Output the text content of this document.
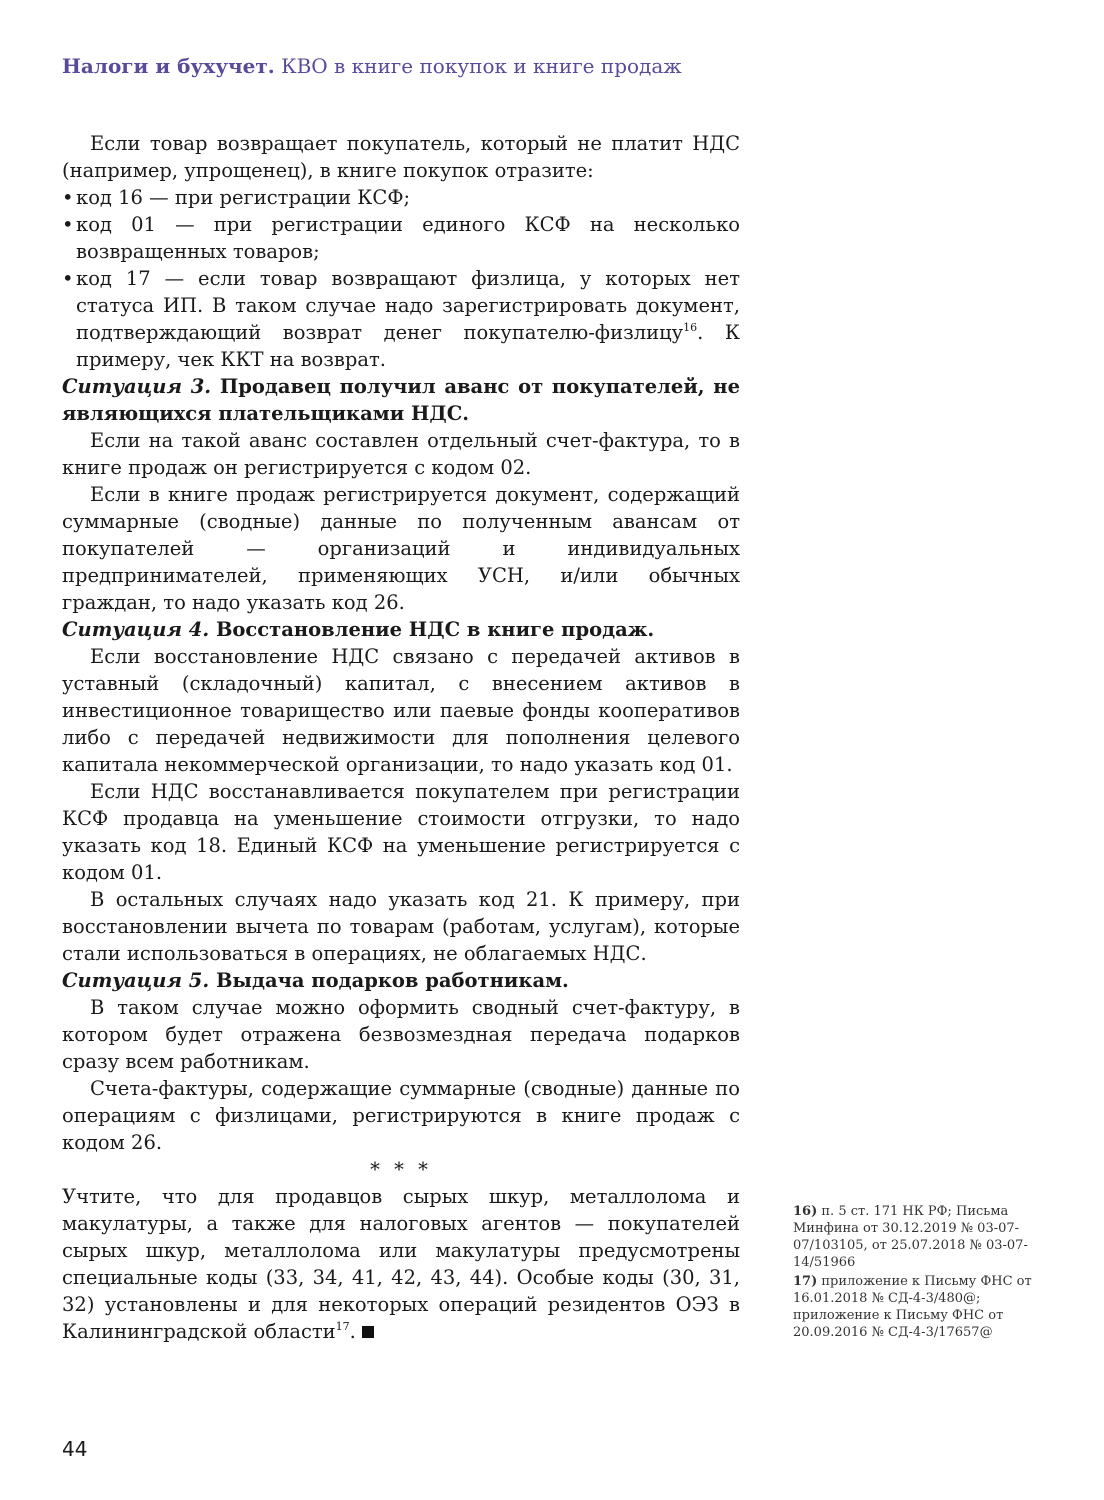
Налоги и бухучет. КВО в книге покупок и книге продаж

Если товар возвращает покупатель, который не платит НДС (например, упрощенец), в книге покупок отразите:

• код 16 — при регистрации КСФ;
• код 01 — при регистрации единого КСФ на несколько возвращенных товаров;
• код 17 — если товар возвращают физлица, у которых нет статуса ИП. В таком случае надо зарегистрировать документ, подтверждающий возврат денег покупателю-физлицу$^{16}$. К примеру, чек ККТ на возврат.

Ситуация 3. Продавец получил аванс от покупателей, не являющихся плательщиками НДС.

Если на такой аванс составлен отдельный счет-фактура, то в книге продаж он регистрируется с кодом 02.

Если в книге продаж регистрируется документ, содержащий суммарные (сводные) данные по полученным авансам от покупателей — организаций и индивидуальных предпринимателей, применяющих УСН, и/или обычных граждан, то надо указать код 26.

Ситуация 4. Восстановление НДС в книге продаж.

Если восстановление НДС связано с передачей активов в уставный (складочный) капитал, с внесением активов в инвестиционное товарищество или паевые фонды кооперативов либо с передачей недвижимости для пополнения целевого капитала некоммерческой организации, то надо указать код 01.

Если НДС восстанавливается покупателем при регистрации КСФ продавца на уменьшение стоимости отгрузки, то надо указать код 18. Единый КСФ на уменьшение регистрируется с кодом 01.

В остальных случаях надо указать код 21. К примеру, при восстановлении вычета по товарам (работам, услугам), которые стали использоваться в операциях, не облагаемых НДС.

Ситуация 5. Выдача подарков работникам.

В таком случае можно оформить сводный счет-фактуру, в котором будет отражена безвозмездная передача подарков сразу всем работникам.

Счета-фактуры, содержащие суммарные (сводные) данные по операциям с физлицами, регистрируются в книге продаж с кодом 26.

* * *

Учтите, что для продавцов сырых шкур, металлолома и макулатуры, а также для налоговых агентов — покупателей сырых шкур, металлолома или макулатуры предусмотрены специальные коды (33, 34, 41, 42, 43, 44). Особые коды (30, 31, 32) установлены и для некоторых операций резидентов ОЭЗ в Калининградской области$^{17}$.

16) п. 5 ст. 171 НК РФ; Письма Минфина от 30.12.2019 № 03-07-07/103105, от 25.07.2018 № 03-07-14/51966
17) приложение к Письму ФНС от 16.01.2018 № СД-4-3/480@; приложение к Письму ФНС от 20.09.2016 № СД-4-3/17657@
44
